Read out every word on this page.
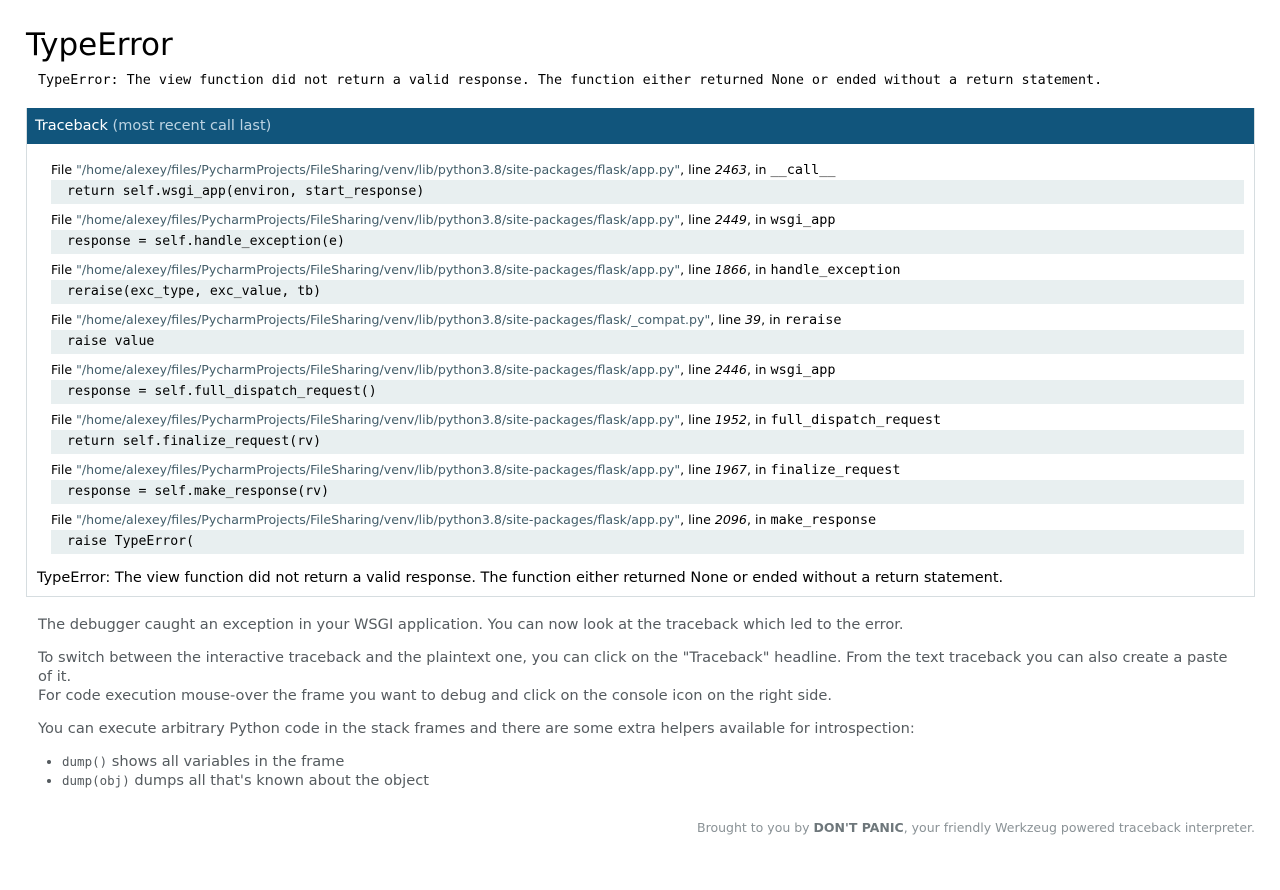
TypeError
TypeError: The view function did not return a valid response. The function either returned None or ended without a return statement.
Traceback (most recent call last)
File "/home/alexey/files/PycharmProjects/FileSharing/venv/lib/python3.8/site-packages/flask/app.py", line 2463, in __call__
return self.wsgi_app(environ, start_response)
File "/home/alexey/files/PycharmProjects/FileSharing/venv/lib/python3.8/site-packages/flask/app.py", line 2449, in wsgi_app
response = self.handle_exception(e)
File "/home/alexey/files/PycharmProjects/FileSharing/venv/lib/python3.8/site-packages/flask/app.py", line 1866, in handle_exception
reraise(exc_type, exc_value, tb)
File "/home/alexey/files/PycharmProjects/FileSharing/venv/lib/python3.8/site-packages/flask/_compat.py", line 39, in reraise
raise value
File "/home/alexey/files/PycharmProjects/FileSharing/venv/lib/python3.8/site-packages/flask/app.py", line 2446, in wsgi_app
response = self.full_dispatch_request()
File "/home/alexey/files/PycharmProjects/FileSharing/venv/lib/python3.8/site-packages/flask/app.py", line 1952, in full_dispatch_request
return self.finalize_request(rv)
File "/home/alexey/files/PycharmProjects/FileSharing/venv/lib/python3.8/site-packages/flask/app.py", line 1967, in finalize_request
response = self.make_response(rv)
File "/home/alexey/files/PycharmProjects/FileSharing/venv/lib/python3.8/site-packages/flask/app.py", line 2096, in make_response
raise TypeError(
TypeError: The view function did not return a valid response. The function either returned None or ended without a return statement.

The debugger caught an exception in your WSGI application. You can now look at the traceback which led to the error.

To switch between the interactive traceback and the plaintext one, you can click on the "Traceback" headline. From the text traceback you can also create a paste of it.
For code execution mouse-over the frame you want to debug and click on the console icon on the right side.

You can execute arbitrary Python code in the stack frames and there are some extra helpers available for introspection:

• dump() shows all variables in the frame
• dump(obj) dumps all that's known about the object
Brought to you by DON'T PANIC, your friendly Werkzeug powered traceback interpreter.
